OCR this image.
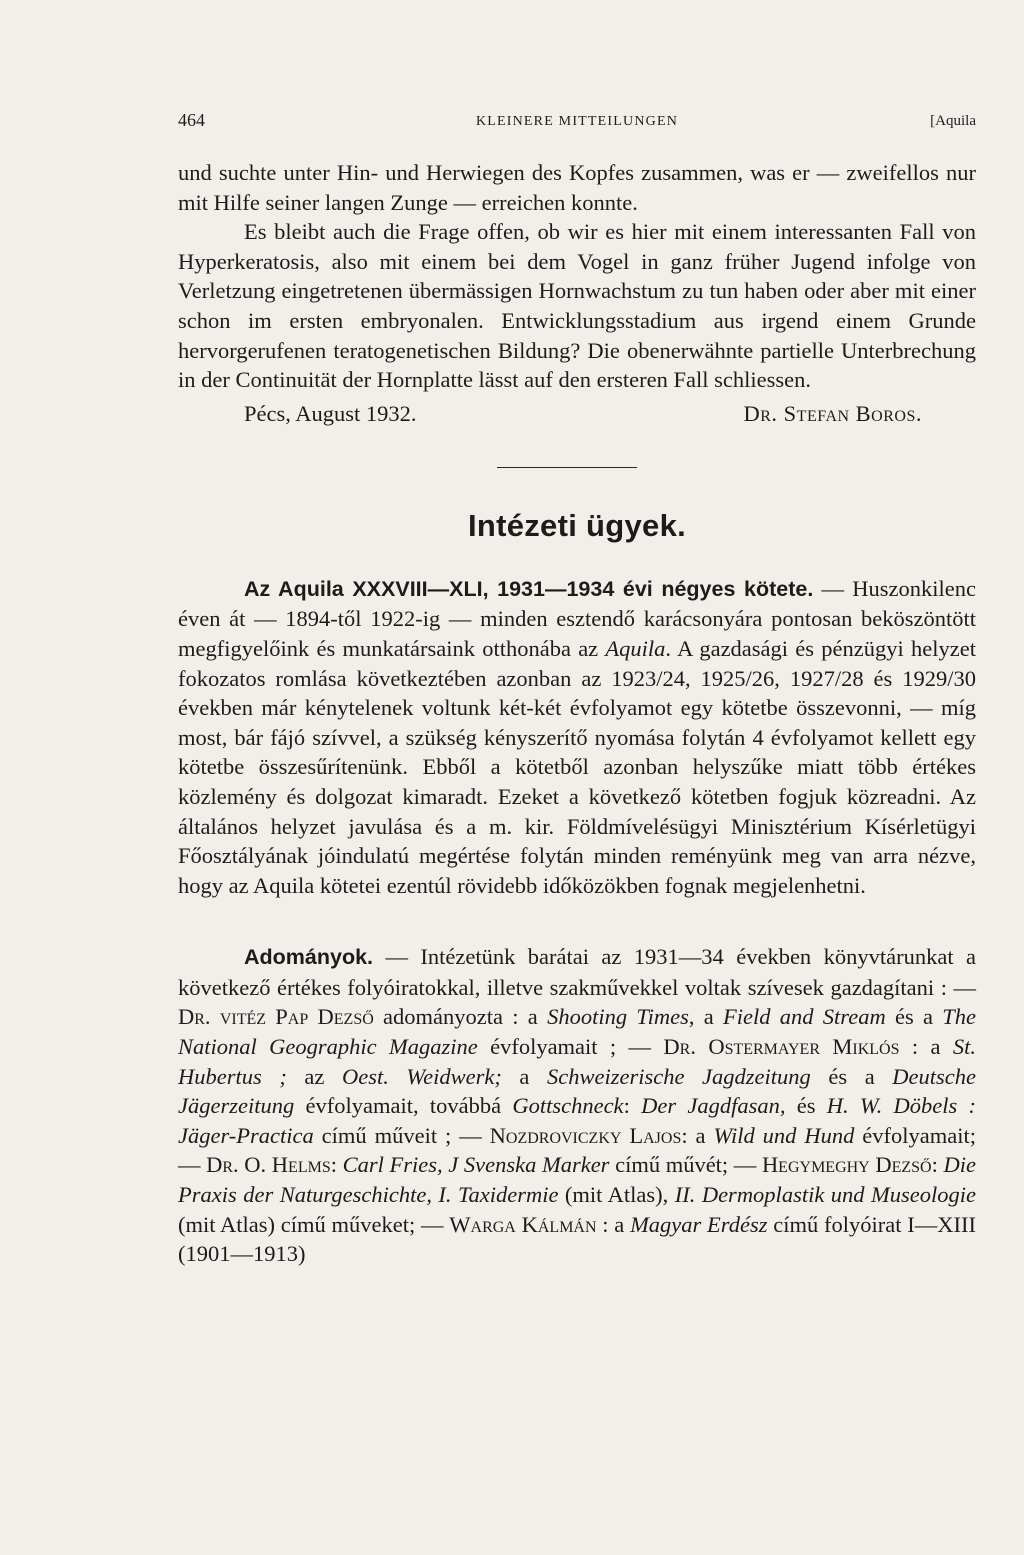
464	KLEINERE MITTEILUNGEN	[Aquila

und suchte unter Hin- und Herwiegen des Kopfes zusammen, was er — zweifellos nur mit Hilfe seiner langen Zunge — erreichen konnte.

Es bleibt auch die Frage offen, ob wir es hier mit einem interessanten Fall von Hyperkeratosis, also mit einem bei dem Vogel in ganz früher Jugend infolge von Verletzung eingetretenen übermässigen Hornwachstum zu tun haben oder aber mit einer schon im ersten embryonalen. Entwicklungsstadium aus irgend einem Grunde hervorgerufenen teratogenetischen Bildung? Die obenerwähnte partielle Unterbrechung in der Continuität der Hornplatte lässt auf den ersteren Fall schliessen.

Pécs, August 1932.	Dr. Stefan Boros.
Intézeti ügyek.

Az Aquila XXXVIII—XLI, 1931—1934 évi négyes kötete. — Huszonkilenc éven át — 1894-től 1922-ig — minden esztendő karácsonyára pontosan beköszöntött megfigyelőink és munkatársaink otthonába az Aquila. A gazdasági és pénzügyi helyzet fokozatos romlása következtében azonban az 1923/24, 1925/26, 1927/28 és 1929/30 években már kénytelenek voltunk két-két évfolyamot egy kötetbe összevonni, — míg most, bár fájó szívvel, a szükség kényszerítő nyomása folytán 4 évfolyamot kellett egy kötetbe összesűrítenünk. Ebből a kötetből azonban helyszűke miatt több értékes közlemény és dolgozat kimaradt. Ezeket a következő kötetben fogjuk közreadni. Az általános helyzet javulása és a m. kir. Földmívelésügyi Minisztérium Kísérletügyi Főosztályának jóindulatú megértése folytán minden reményünk meg van arra nézve, hogy az Aquila kötetei ezentúl rövidebb időközökben fognak megjelenhetni.

Adományok. — Intézetünk barátai az 1931—34 években könyvtárunkat a következő értékes folyóiratokkal, illetve szakművekkel voltak szívesek gazdagítani : — Dr. vitéz Pap Dezső adományozta : a Shooting Times, a Field and Stream és a The National Geographic Magazine évfolyamait ; — Dr. Ostermayer Miklós : a St. Hubertus ; az Oest. Weidwerk; a Schweizerische Jagdzeitung és a Deutsche Jägerzeitung évfolyamait, továbbá Gottschneck: Der Jagdfasan, és H. W. Döbels : Jäger-Practica című műveit ; — Nozdroviczky Lajos: a Wild und Hund évfolyamait; — Dr. O. Helms: Carl Fries, J Svenska Marker című művét; — Hegymeghy Dezső: Die Praxis der Naturgeschichte, I. Taxidermie (mit Atlas), II. Dermoplastik und Museologie (mit Atlas) című műveket; — Warga Kálmán : a Magyar Erdész című folyóirat I—XIII (1901—1913)
